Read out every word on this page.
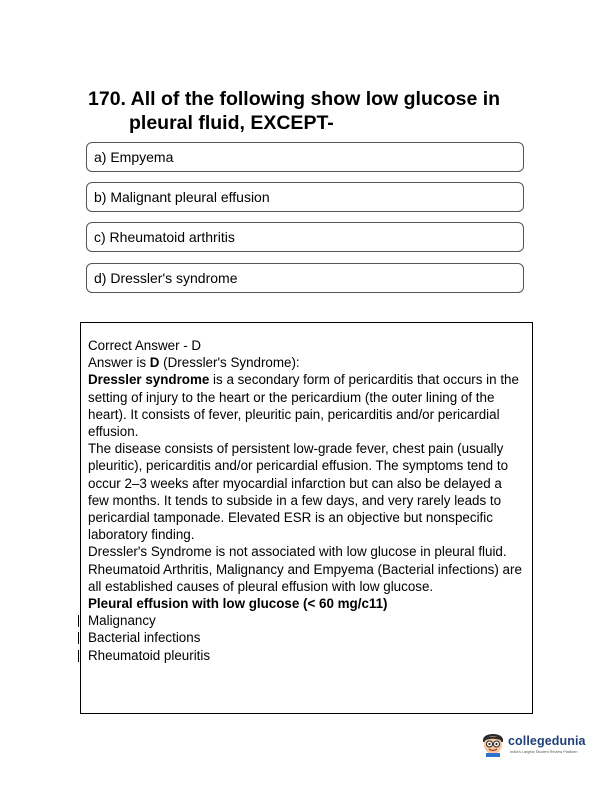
170. All of the following show low glucose in
pleural fluid, EXCEPT-
a) Empyema
b) Malignant pleural effusion
c) Rheumatoid arthritis
d) Dressler's syndrome

Correct Answer - D

Answer is D (Dressler's Syndrome):

Dressler syndrome is a secondary form of pericarditis that occurs in the setting of injury to the heart or the pericardium (the outer lining of the heart). It consists of fever, pleuritic pain, pericarditis and/or pericardial effusion.

The disease consists of persistent low-grade fever, chest pain (usually pleuritic), pericarditis and/or pericardial effusion. The symptoms tend to occur 2–3 weeks after myocardial infarction but can also be delayed a few months. It tends to subside in a few days, and very rarely leads to pericardial tamponade. Elevated ESR is an objective but nonspecific laboratory finding.

Dressler's Syndrome is not associated with low glucose in pleural fluid.

Rheumatoid Arthritis, Malignancy and Empyema (Bacterial infections) are all established causes of pleural effusion with low glucose.

Pleural effusion with low glucose (< 60 mg/c11)

Malignancy

Bacterial infections

Rheumatoid pleuritis

collegedunia
India's Largest Student Review Platform
